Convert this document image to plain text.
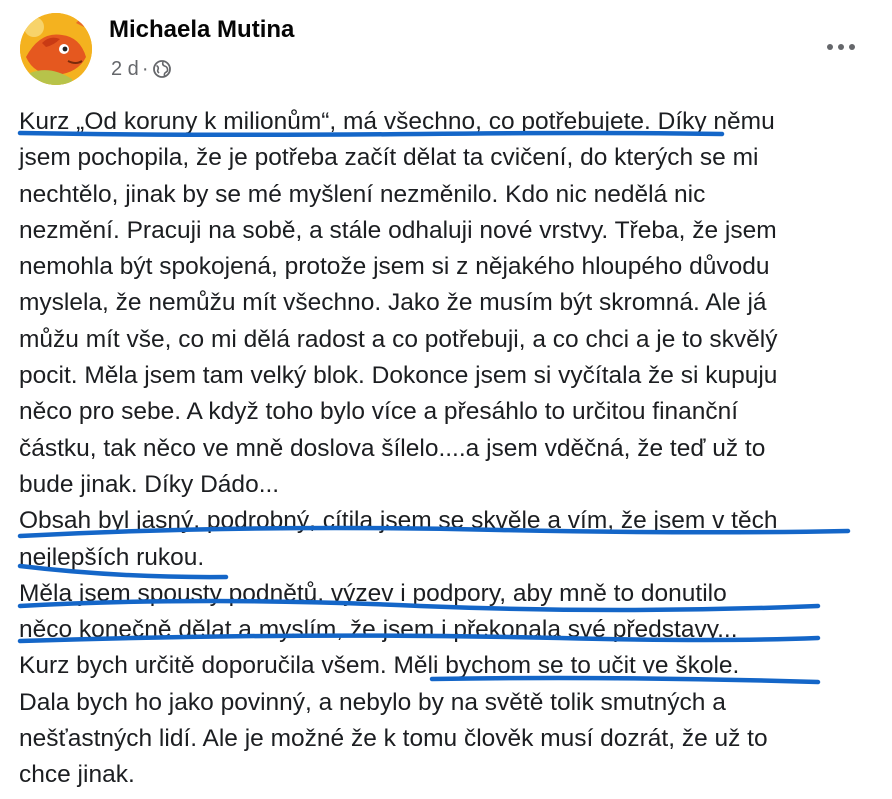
Michaela Mutina
2 d ·
Kurz „Od koruny k milionům“, má všechno, co potřebujete. Díky němu
jsem pochopila, že je potřeba začít dělat ta cvičení, do kterých se mi
nechtělo, jinak by se mé myšlení nezměnilo. Kdo nic nedělá nic
nezmění. Pracuji na sobě, a stále odhaluji nové vrstvy. Třeba, že jsem
nemohla být spokojená, protože jsem si z nějakého hloupého důvodu
myslela, že nemůžu mít všechno. Jako že musím být skromná. Ale já
můžu mít vše, co mi dělá radost a co potřebuji, a co chci a je to skvělý
pocit. Měla jsem tam velký blok. Dokonce jsem si vyčítala že si kupuju
něco pro sebe. A když toho bylo více a přesáhlo to určitou finanční
částku, tak něco ve mně doslova šílelo....a jsem vděčná, že teď už to
bude jinak. Díky Dádo...
Obsah byl jasný, podrobný, cítila jsem se skvěle a vím, že jsem v těch
nejlepších rukou.
Měla jsem spousty podnětů, výzev i podpory, aby mně to donutilo
něco konečně dělat a myslím, že jsem i překonala své představy...
Kurz bych určitě doporučila všem. Měli bychom se to učit ve škole.
Dala bych ho jako povinný, a nebylo by na světě tolik smutných a
nešťastných lidí. Ale je možné že k tomu člověk musí dozrát, že už to
chce jinak.
